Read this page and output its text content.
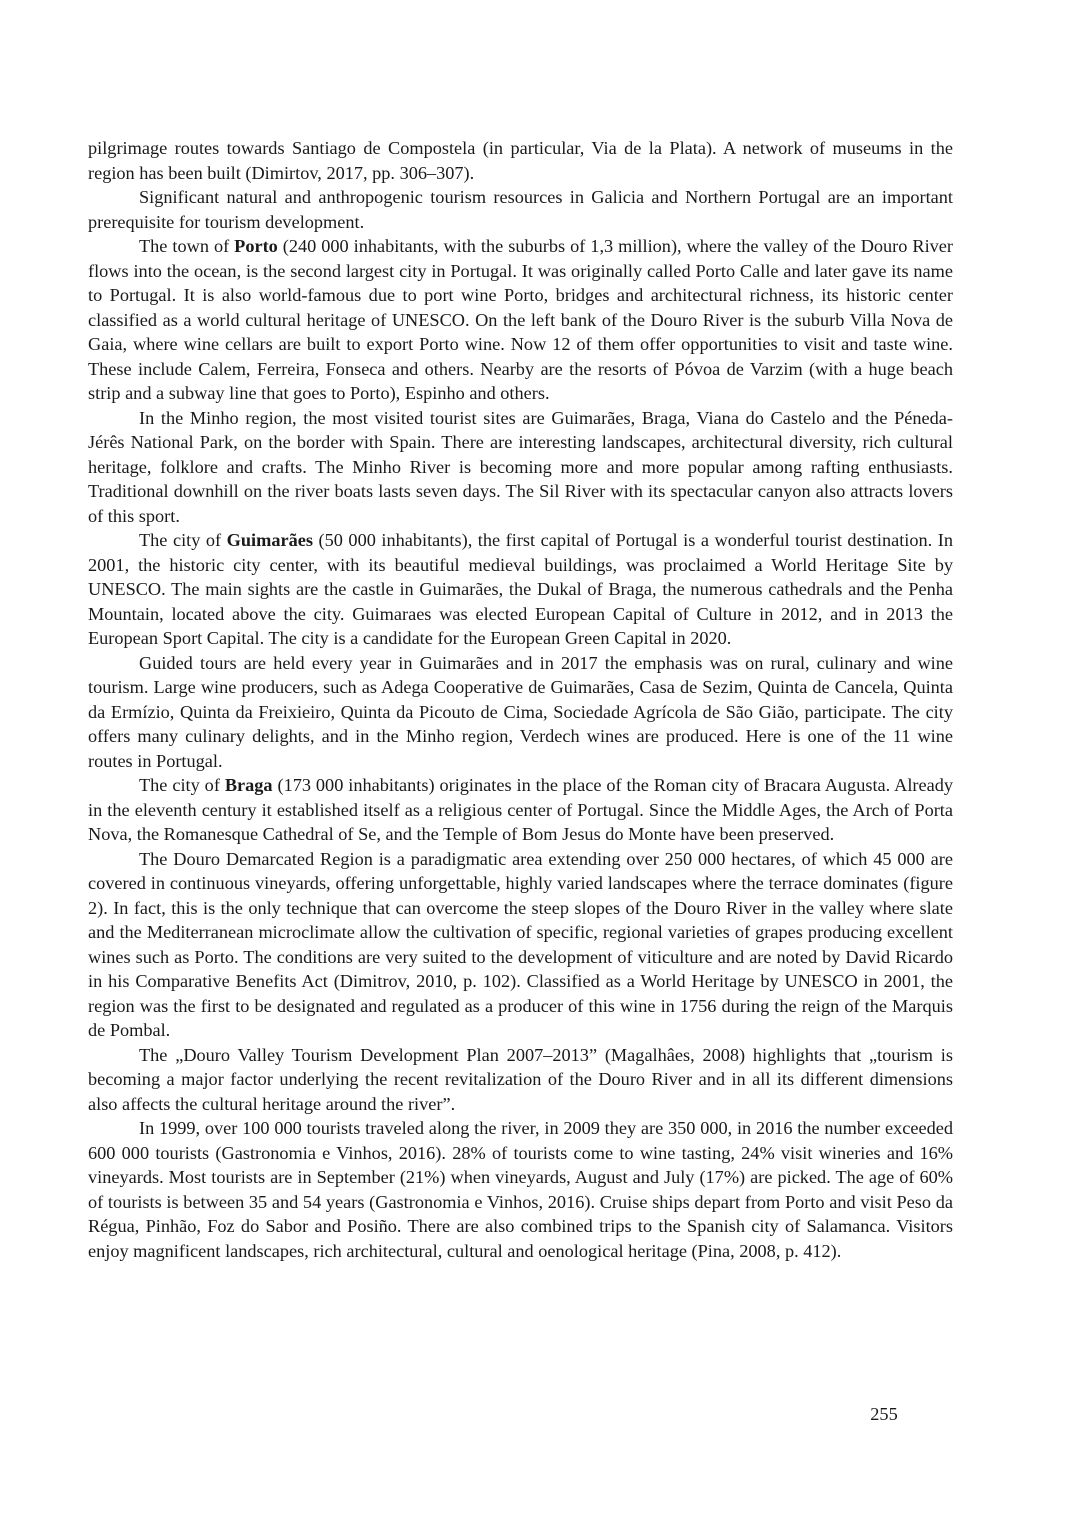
pilgrimage routes towards Santiago de Compostela (in particular, Via de la Plata). A network of museums in the region has been built (Dimirtov, 2017, pp. 306–307).

Significant natural and anthropogenic tourism resources in Galicia and Northern Portugal are an important prerequisite for tourism development.

The town of Porto (240 000 inhabitants, with the suburbs of 1,3 million), where the valley of the Douro River flows into the ocean, is the second largest city in Portugal. It was originally called Porto Calle and later gave its name to Portugal. It is also world-famous due to port wine Porto, bridges and architectural richness, its historic center classified as a world cultural heritage of UNESCO. On the left bank of the Douro River is the suburb Villa Nova de Gaia, where wine cellars are built to export Porto wine. Now 12 of them offer opportunities to visit and taste wine. These include Calem, Ferreira, Fonseca and others. Nearby are the resorts of Póvoa de Varzim (with a huge beach strip and a subway line that goes to Porto), Espinho and others.

In the Minho region, the most visited tourist sites are Guimarães, Braga, Viana do Castelo and the Péneda-Jérês National Park, on the border with Spain. There are interesting landscapes, architectural diversity, rich cultural heritage, folklore and crafts. The Minho River is becoming more and more popular among rafting enthusiasts. Traditional downhill on the river boats lasts seven days. The Sil River with its spectacular canyon also attracts lovers of this sport.

The city of Guimarães (50 000 inhabitants), the first capital of Portugal is a wonderful tourist destination. In 2001, the historic city center, with its beautiful medieval buildings, was proclaimed a World Heritage Site by UNESCO. The main sights are the castle in Guimarães, the Dukal of Braga, the numerous cathedrals and the Penha Mountain, located above the city. Guimaraes was elected European Capital of Culture in 2012, and in 2013 the European Sport Capital. The city is a candidate for the European Green Capital in 2020.

Guided tours are held every year in Guimarães and in 2017 the emphasis was on rural, culinary and wine tourism. Large wine producers, such as Adega Cooperative de Guimarães, Casa de Sezim, Quinta de Cancela, Quinta da Ermízio, Quinta da Freixieiro, Quinta da Picouto de Cima, Sociedade Agrícola de São Gião, participate. The city offers many culinary delights, and in the Minho region, Verdech wines are produced. Here is one of the 11 wine routes in Portugal.

The city of Braga (173 000 inhabitants) originates in the place of the Roman city of Bracara Augusta. Already in the eleventh century it established itself as a religious center of Portugal. Since the Middle Ages, the Arch of Porta Nova, the Romanesque Cathedral of Se, and the Temple of Bom Jesus do Monte have been preserved.

The Douro Demarcated Region is a paradigmatic area extending over 250 000 hectares, of which 45 000 are covered in continuous vineyards, offering unforgettable, highly varied landscapes where the terrace dominates (figure 2). In fact, this is the only technique that can overcome the steep slopes of the Douro River in the valley where slate and the Mediterranean microclimate allow the cultivation of specific, regional varieties of grapes producing excellent wines such as Porto. The conditions are very suited to the development of viticulture and are noted by David Ricardo in his Comparative Benefits Act (Dimitrov, 2010, p. 102). Classified as a World Heritage by UNESCO in 2001, the region was the first to be designated and regulated as a producer of this wine in 1756 during the reign of the Marquis de Pombal.

The „Douro Valley Tourism Development Plan 2007–2013” (Magalhâes, 2008) highlights that „tourism is becoming a major factor underlying the recent revitalization of the Douro River and in all its different dimensions also affects the cultural heritage around the river”.

In 1999, over 100 000 tourists traveled along the river, in 2009 they are 350 000, in 2016 the number exceeded 600 000 tourists (Gastronomia e Vinhos, 2016). 28% of tourists come to wine tasting, 24% visit wineries and 16% vineyards. Most tourists are in September (21%) when vineyards, August and July (17%) are picked. The age of 60% of tourists is between 35 and 54 years (Gastronomia e Vinhos, 2016). Cruise ships depart from Porto and visit Peso da Régua, Pinhão, Foz do Sabor and Posiño. There are also combined trips to the Spanish city of Salamanca. Visitors enjoy magnificent landscapes, rich architectural, cultural and oenological heritage (Pina, 2008, p. 412).

255
